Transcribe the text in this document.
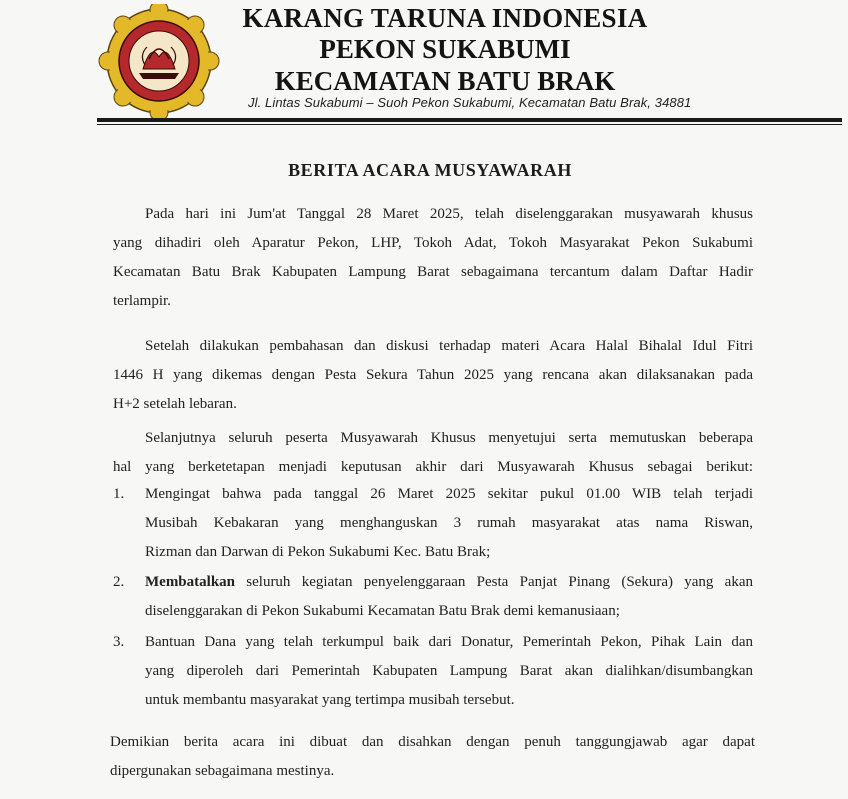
KARANG TARUNA INDONESIA
PEKON SUKABUMI
KECAMATAN BATU BRAK
Jl. Lintas Sukabumi – Suoh Pekon Sukabumi, Kecamatan Batu Brak, 34881
BERITA ACARA MUSYAWARAH
Pada hari ini Jum'at Tanggal 28 Maret 2025, telah diselenggarakan musyawarah khusus
yang dihadiri oleh Aparatur Pekon, LHP, Tokoh Adat, Tokoh Masyarakat Pekon Sukabumi
Kecamatan Batu Brak Kabupaten Lampung Barat sebagaimana tercantum dalam Daftar Hadir
terlampir.
Setelah dilakukan pembahasan dan diskusi terhadap materi Acara Halal Bihalal Idul Fitri
1446 H yang dikemas dengan Pesta Sekura Tahun 2025 yang rencana akan dilaksanakan pada
H+2 setelah lebaran.
Selanjutnya seluruh peserta Musyawarah Khusus menyetujui serta memutuskan beberapa
hal yang berketetapan menjadi keputusan akhir dari Musyawarah Khusus sebagai berikut:
1.	Mengingat bahwa pada tanggal 26 Maret 2025 sekitar pukul 01.00 WIB telah terjadi
Musibah Kebakaran yang menghanguskan 3 rumah masyarakat atas nama Riswan,
Rizman dan Darwan di Pekon Sukabumi Kec. Batu Brak;
2.	Membatalkan seluruh kegiatan penyelenggaraan Pesta Panjat Pinang (Sekura) yang akan
diselenggarakan di Pekon Sukabumi Kecamatan Batu Brak demi kemanusiaan;
3.	Bantuan Dana yang telah terkumpul baik dari Donatur, Pemerintah Pekon, Pihak Lain dan
yang diperoleh dari Pemerintah Kabupaten Lampung Barat akan dialihkan/disumbangkan
untuk membantu masyarakat yang tertimpa musibah tersebut.
Demikian berita acara ini dibuat dan disahkan dengan penuh tanggungjawab agar dapat
dipergunakan sebagaimana mestinya.
